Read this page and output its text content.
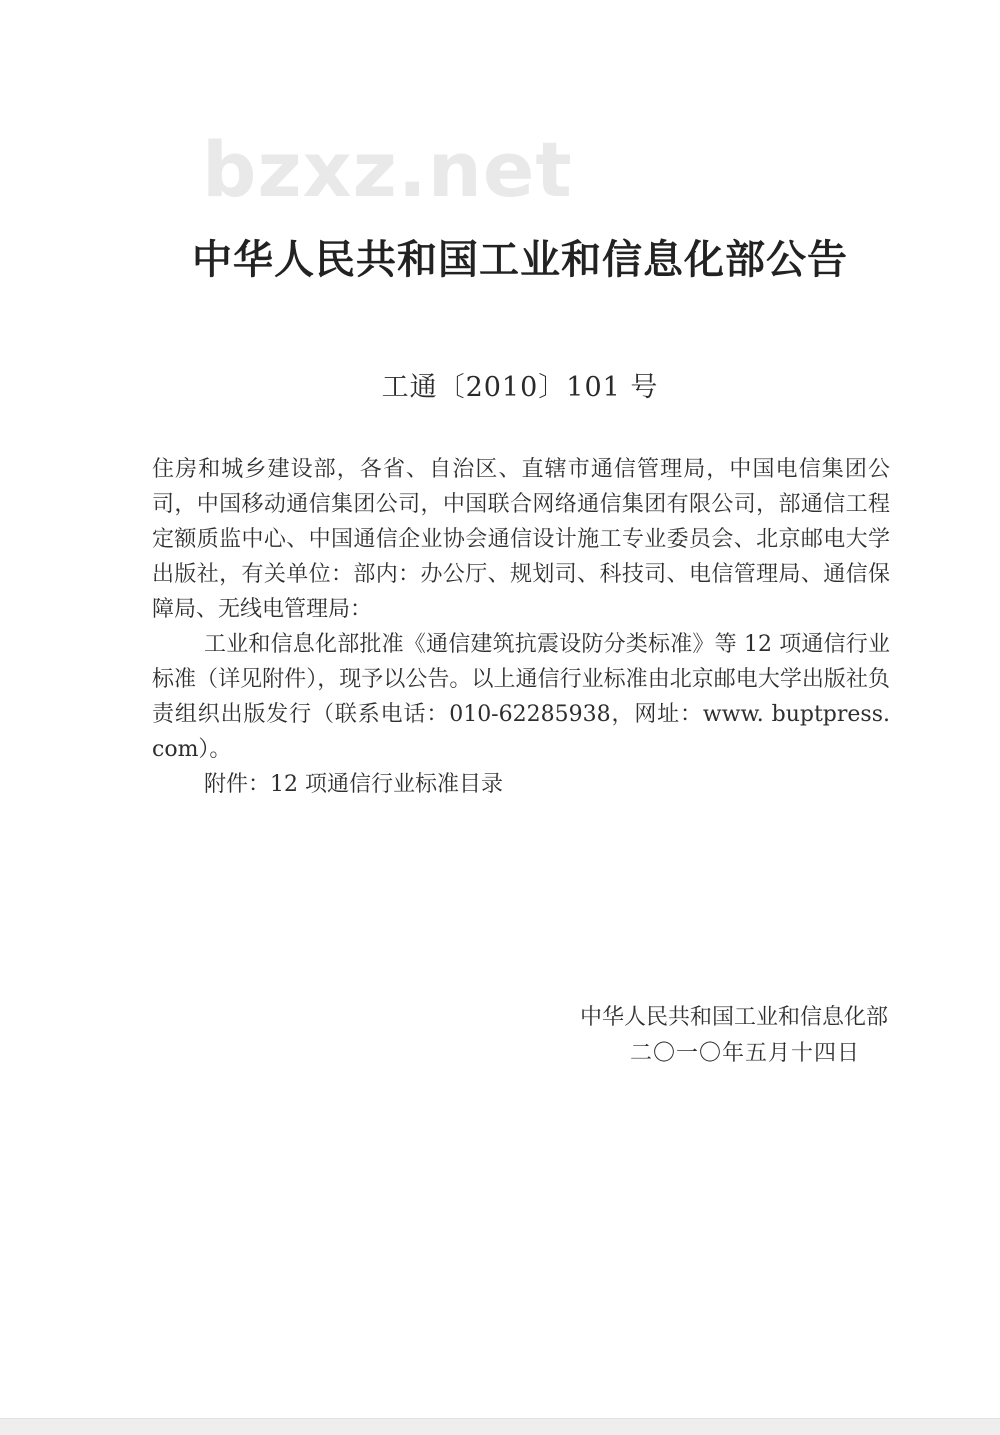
bzxz.net
中华人民共和国工业和信息化部公告
工通〔2010〕101 号

住房和城乡建设部，各省、自治区、直辖市通信管理局，中国电信集团公司，中国移动通信集团公司，中国联合网络通信集团有限公司，部通信工程定额质监中心、中国通信企业协会通信设计施工专业委员会、北京邮电大学出版社，有关单位：部内：办公厅、规划司、科技司、电信管理局、通信保障局、无线电管理局：

工业和信息化部批准《通信建筑抗震设防分类标准》等 12 项通信行业标准（详见附件），现予以公告。以上通信行业标准由北京邮电大学出版社负责组织出版发行（联系电话：010-62285938，网址：www. buptpress. com）。

附件：12 项通信行业标准目录

中华人民共和国工业和信息化部
二〇一〇年五月十四日
